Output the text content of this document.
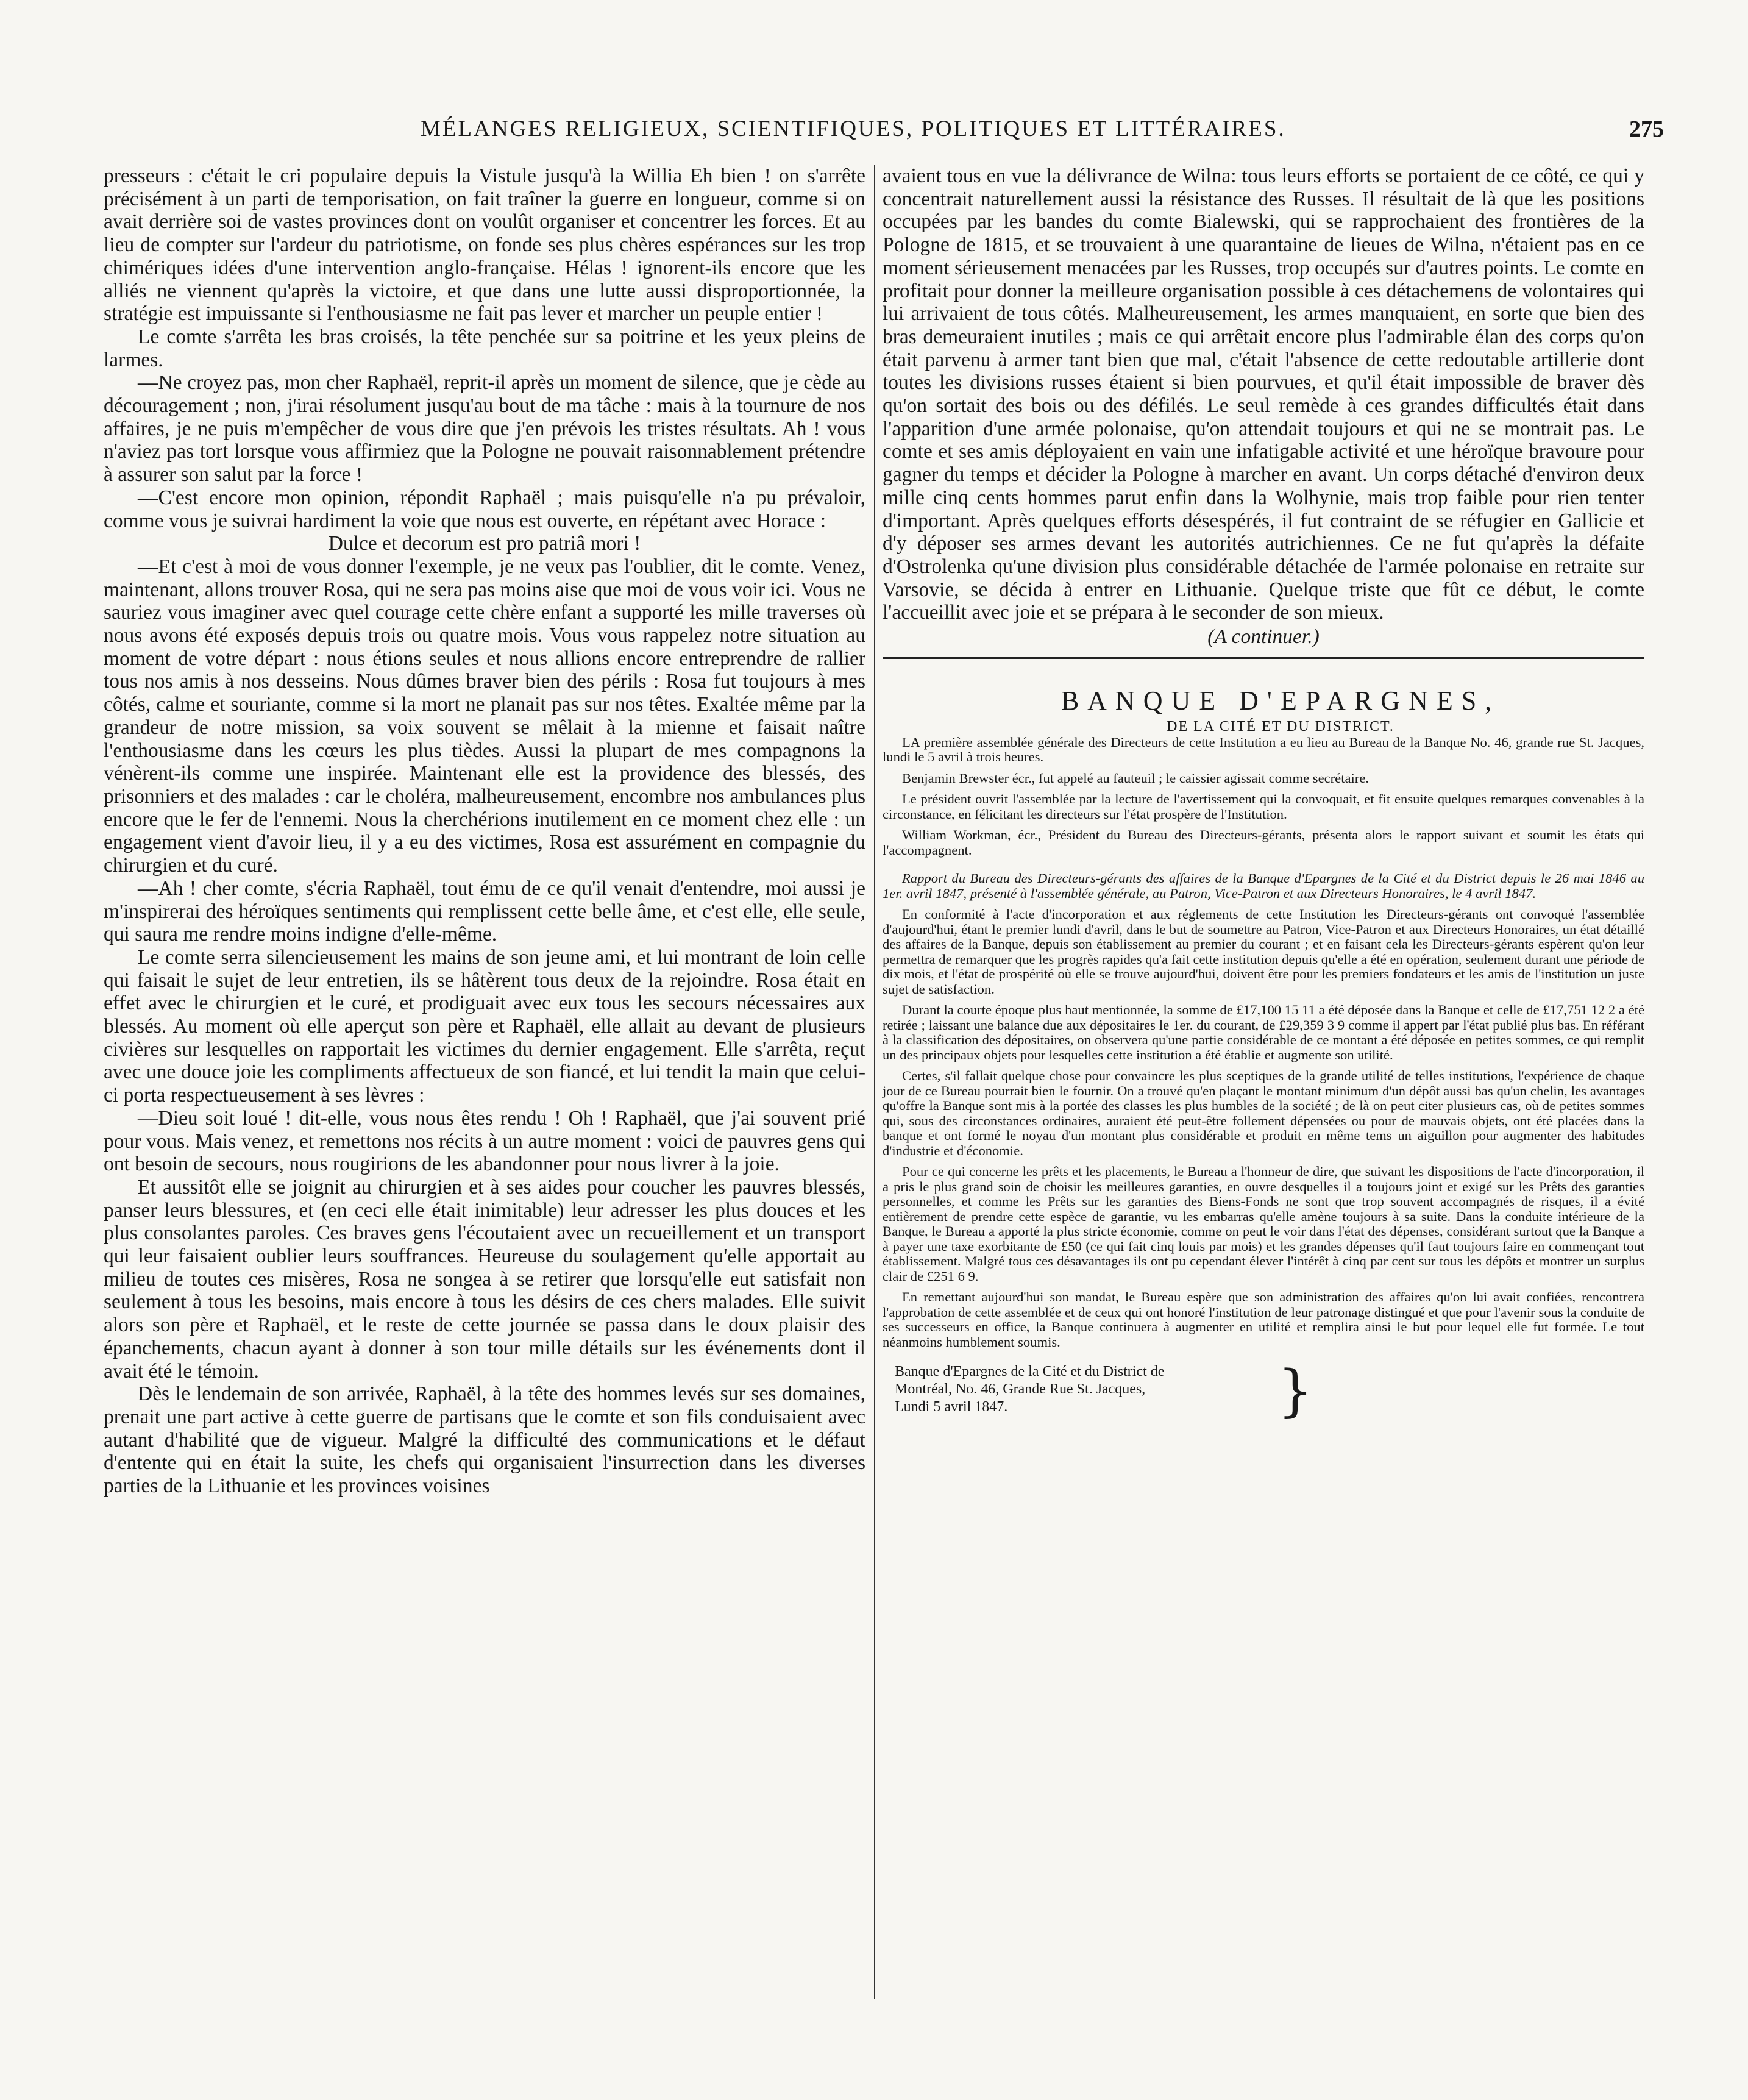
MÉLANGES RELIGIEUX, SCIENTIFIQUES, POLITIQUES ET LITTÉRAIRES.	275

presseurs : c'était le cri populaire depuis la Vistule jusqu'à la Willia Eh bien ! on s'arrête précisément à un parti de temporisation, on fait traîner la guerre en longueur, comme si on avait derrière soi de vastes provinces dont on voulût organiser et concentrer les forces. Et au lieu de compter sur l'ardeur du patriotisme, on fonde ses plus chères espérances sur les trop chimériques idées d'une intervention anglo-française. Hélas ! ignorent-ils encore que les alliés ne viennent qu'après la victoire, et que dans une lutte aussi disproportionnée, la stratégie est impuissante si l'enthousiasme ne fait pas lever et marcher un peuple entier !

Le comte s'arrêta les bras croisés, la tête penchée sur sa poitrine et les yeux pleins de larmes.

—Ne croyez pas, mon cher Raphaël, reprit-il après un moment de silence, que je cède au découragement ; non, j'irai résolument jusqu'au bout de ma tâche : mais à la tournure de nos affaires, je ne puis m'empêcher de vous dire que j'en prévois les tristes résultats. Ah ! vous n'aviez pas tort lorsque vous affirmiez que la Pologne ne pouvait raisonnablement prétendre à assurer son salut par la force !

—C'est encore mon opinion, répondit Raphaël ; mais puisqu'elle n'a pu prévaloir, comme vous je suivrai hardiment la voie que nous est ouverte, en répétant avec Horace :

Dulce et decorum est pro patriâ mori !

—Et c'est à moi de vous donner l'exemple, je ne veux pas l'oublier, dit le comte. Venez, maintenant, allons trouver Rosa, qui ne sera pas moins aise que moi de vous voir ici. Vous ne sauriez vous imaginer avec quel courage cette chère enfant a supporté les mille traverses où nous avons été exposés depuis trois ou quatre mois. Vous vous rappelez notre situation au moment de votre départ : nous étions seules et nous allions encore entreprendre de rallier tous nos amis à nos desseins. Nous dûmes braver bien des périls : Rosa fut toujours à mes côtés, calme et souriante, comme si la mort ne planait pas sur nos têtes. Exaltée même par la grandeur de notre mission, sa voix souvent se mêlait à la mienne et faisait naître l'enthousiasme dans les cœurs les plus tièdes. Aussi la plupart de mes compagnons la vénèrent-ils comme une inspirée. Maintenant elle est la providence des blessés, des prisonniers et des malades : car le choléra, malheureusement, encombre nos ambulances plus encore que le fer de l'ennemi. Nous la cherchérions inutilement en ce moment chez elle : un engagement vient d'avoir lieu, il y a eu des victimes, Rosa est assurément en compagnie du chirurgien et du curé.

—Ah ! cher comte, s'écria Raphaël, tout ému de ce qu'il venait d'entendre, moi aussi je m'inspirerai des héroïques sentiments qui remplissent cette belle âme, et c'est elle, elle seule, qui saura me rendre moins indigne d'elle-même.

Le comte serra silencieusement les mains de son jeune ami, et lui montrant de loin celle qui faisait le sujet de leur entretien, ils se hâtèrent tous deux de la rejoindre. Rosa était en effet avec le chirurgien et le curé, et prodiguait avec eux tous les secours nécessaires aux blessés. Au moment où elle aperçut son père et Raphaël, elle allait au devant de plusieurs civières sur lesquelles on rapportait les victimes du dernier engagement. Elle s'arrêta, reçut avec une douce joie les compliments affectueux de son fiancé, et lui tendit la main que celui-ci porta respectueusement à ses lèvres :

—Dieu soit loué ! dit-elle, vous nous êtes rendu ! Oh ! Raphaël, que j'ai souvent prié pour vous. Mais venez, et remettons nos récits à un autre moment : voici de pauvres gens qui ont besoin de secours, nous rougirions de les abandonner pour nous livrer à la joie.

Et aussitôt elle se joignit au chirurgien et à ses aides pour coucher les pauvres blessés, panser leurs blessures, et (en ceci elle était inimitable) leur adresser les plus douces et les plus consolantes paroles. Ces braves gens l'écoutaient avec un recueillement et un transport qui leur faisaient oublier leurs souffrances. Heureuse du soulagement qu'elle apportait au milieu de toutes ces misères, Rosa ne songea à se retirer que lorsqu'elle eut satisfait non seulement à tous les besoins, mais encore à tous les désirs de ces chers malades. Elle suivit alors son père et Raphaël, et le reste de cette journée se passa dans le doux plaisir des épanchements, chacun ayant à donner à son tour mille détails sur les événements dont il avait été le témoin.

Dès le lendemain de son arrivée, Raphaël, à la tête des hommes levés sur ses domaines, prenait une part active à cette guerre de partisans que le comte et son fils conduisaient avec autant d'habilité que de vigueur. Malgré la difficulté des communications et le défaut d'entente qui en était la suite, les chefs qui organisaient l'insurrection dans les diverses parties de la Lithuanie et les provinces voisines

avaient tous en vue la délivrance de Wilna: tous leurs efforts se portaient de ce côté, ce qui y concentrait naturellement aussi la résistance des Russes. Il résultait de là que les positions occupées par les bandes du comte Bialewski, qui se rapprochaient des frontières de la Pologne de 1815, et se trouvaient à une quarantaine de lieues de Wilna, n'étaient pas en ce moment sérieusement menacées par les Russes, trop occupés sur d'autres points. Le comte en profitait pour donner la meilleure organisation possible à ces détachemens de volontaires qui lui arrivaient de tous côtés. Malheureusement, les armes manquaient, en sorte que bien des bras demeuraient inutiles ; mais ce qui arrêtait encore plus l'admirable élan des corps qu'on était parvenu à armer tant bien que mal, c'était l'absence de cette redoutable artillerie dont toutes les divisions russes étaient si bien pourvues, et qu'il était impossible de braver dès qu'on sortait des bois ou des défilés. Le seul remède à ces grandes difficultés était dans l'apparition d'une armée polonaise, qu'on attendait toujours et qui ne se montrait pas. Le comte et ses amis déployaient en vain une infatigable activité et une héroïque bravoure pour gagner du temps et décider la Pologne à marcher en avant. Un corps détaché d'environ deux mille cinq cents hommes parut enfin dans la Wolhynie, mais trop faible pour rien tenter d'important. Après quelques efforts désespérés, il fut contraint de se réfugier en Gallicie et d'y déposer ses armes devant les autorités autrichiennes. Ce ne fut qu'après la défaite d'Ostrolenka qu'une division plus considérable détachée de l'armée polonaise en retraite sur Varsovie, se décida à entrer en Lithuanie. Quelque triste que fût ce début, le comte l'accueillit avec joie et se prépara à le seconder de son mieux.

(A continuer.)

BANQUE D'EPARGNES,

DE LA CITÉ ET DU DISTRICT.

LA première assemblée générale des Directeurs de cette Institution a eu lieu au Bureau de la Banque No. 46, grande rue St. Jacques, lundi le 5 avril à trois heures.

Benjamin Brewster écr., fut appelé au fauteuil ; le caissier agissait comme secrétaire.

Le président ouvrit l'assemblée par la lecture de l'avertissement qui la convoquait, et fit ensuite quelques remarques convenables à la circonstance, en félicitant les directeurs sur l'état prospère de l'Institution.

William Workman, écr., Président du Bureau des Directeurs-gérants, présenta alors le rapport suivant et soumit les états qui l'accompagnent.

Rapport du Bureau des Directeurs-gérants des affaires de la Banque d'Epargnes de la Cité et du District depuis le 26 mai 1846 au 1er. avril 1847, présenté à l'assemblée générale, au Patron, Vice-Patron et aux Directeurs Honoraires, le 4 avril 1847.

En conformité à l'acte d'incorporation et aux réglements de cette Institution les Directeurs-gérants ont convoqué l'assemblée d'aujourd'hui, étant le premier lundi d'avril, dans le but de soumettre au Patron, Vice-Patron et aux Directeurs Honoraires, un état détaillé des affaires de la Banque, depuis son établissement au premier du courant ; et en faisant cela les Directeurs-gérants espèrent qu'on leur permettra de remarquer que les progrès rapides qu'a fait cette institution depuis qu'elle a été en opération, seulement durant une période de dix mois, et l'état de prospérité où elle se trouve aujourd'hui, doivent être pour les premiers fondateurs et les amis de l'institution un juste sujet de satisfaction.

Durant la courte époque plus haut mentionnée, la somme de £17,100 15 11 a été déposée dans la Banque et celle de £17,751 12 2 a été retirée ; laissant une balance due aux dépositaires le 1er. du courant, de £29,359 3 9 comme il appert par l'état publié plus bas. En référant à la classification des dépositaires, on observera qu'une partie considérable de ce montant a été déposée en petites sommes, ce qui remplit un des principaux objets pour lesquelles cette institution a été établie et augmente son utilité.

Certes, s'il fallait quelque chose pour convaincre les plus sceptiques de la grande utilité de telles institutions, l'expérience de chaque jour de ce Bureau pourrait bien le fournir. On a trouvé qu'en plaçant le montant minimum d'un dépôt aussi bas qu'un chelin, les avantages qu'offre la Banque sont mis à la portée des classes les plus humbles de la société ; de là on peut citer plusieurs cas, où de petites sommes qui, sous des circonstances ordinaires, auraient été peut-être follement dépensées ou pour de mauvais objets, ont été placées dans la banque et ont formé le noyau d'un montant plus considérable et produit en même tems un aiguillon pour augmenter des habitudes d'industrie et d'économie.

Pour ce qui concerne les prêts et les placements, le Bureau a l'honneur de dire, que suivant les dispositions de l'acte d'incorporation, il a pris le plus grand soin de choisir les meilleures garanties, en ouvre desquelles il a toujours joint et exigé sur les Prêts des garanties personnelles, et comme les Prêts sur les garanties des Biens-Fonds ne sont que trop souvent accompagnés de risques, il a évité entièrement de prendre cette espèce de garantie, vu les embarras qu'elle amène toujours à sa suite. Dans la conduite intérieure de la Banque, le Bureau a apporté la plus stricte économie, comme on peut le voir dans l'état des dépenses, considérant surtout que la Banque a à payer une taxe exorbitante de £50 (ce qui fait cinq louis par mois) et les grandes dépenses qu'il faut toujours faire en commençant tout établissement. Malgré tous ces désavantages ils ont pu cependant élever l'intérêt à cinq par cent sur tous les dépôts et montrer un surplus clair de £251 6 9.

En remettant aujourd'hui son mandat, le Bureau espère que son administration des affaires qu'on lui avait confiées, rencontrera l'approbation de cette assemblée et de ceux qui ont honoré l'institution de leur patronage distingué et que pour l'avenir sous la conduite de ses successeurs en office, la Banque continuera à augmenter en utilité et remplira ainsi le but pour lequel elle fut formée. Le tout néanmoins humblement soumis.

Banque d'Epargnes de la Cité et du District de
Montréal, No. 46, Grande Rue St. Jacques,
Lundi 5 avril 1847.	}
